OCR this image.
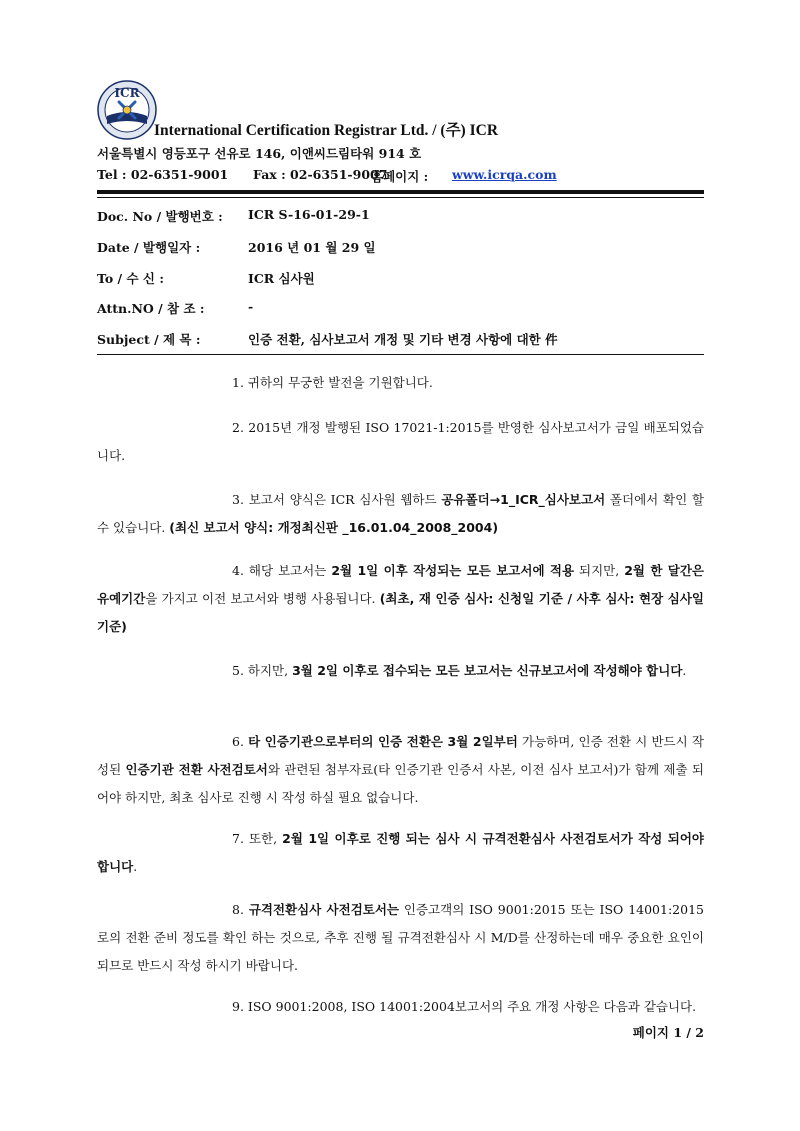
ICR
International Certification Registrar Ltd. / (주) ICR
서울특별시 영등포구 선유로 146, 이앤씨드림타워 914 호
Tel : 02-6351-9001 Fax : 02-6351-9007
홈페이지 : www.icrqa.com
Doc. No / 발행번호 : ICR S-16-01-29-1
Date / 발행일자 :	2016 년 01 월 29 일
To / 수 신 :	ICR 심사원
Attn.NO / 참 조 :	-
Subject / 제 목 :	인증 전환, 심사보고서 개정 및 기타 변경 사항에 대한 件
1. 귀하의 무궁한 발전을 기원합니다.
2. 2015년 개정 발행된 ISO 17021-1:2015를 반영한 심사보고서가 금일 배포되었습니다.
3. 보고서 양식은 ICR 심사원 웹하드 공유폴더→1_ICR_심사보고서 폴더에서 확인 할 수 있습니다. (최신 보고서 양식: 개정최신판 _16.01.04_2008_2004)
4. 해당 보고서는 2월 1일 이후 작성되는 모든 보고서에 적용 되지만, 2월 한 달간은 유예기간을 가지고 이전 보고서와 병행 사용됩니다. (최초, 재 인증 심사: 신청일 기준 / 사후 심사: 현장 심사일 기준)
5. 하지만, 3월 2일 이후로 접수되는 모든 보고서는 신규보고서에 작성해야 합니다.
6. 타 인증기관으로부터의 인증 전환은 3월 2일부터 가능하며, 인증 전환 시 반드시 작성된 인증기관 전환 사전검토서와 관련된 첨부자료(타 인증기관 인증서 사본, 이전 심사 보고서)가 함께 제출 되어야 하지만, 최초 심사로 진행 시 작성 하실 필요 없습니다.
7. 또한, 2월 1일 이후로 진행 되는 심사 시 규격전환심사 사전검토서가 작성 되어야 합니다.
8. 규격전환심사 사전검토서는 인증고객의 ISO 9001:2015 또는 ISO 14001:2015 로의 전환 준비 정도를 확인 하는 것으로, 추후 진행 될 규격전환심사 시 M/D를 산정하는데 매우 중요한 요인이 되므로 반드시 작성 하시기 바랍니다.
9. ISO 9001:2008, ISO 14001:2004보고서의 주요 개정 사항은 다음과 같습니다.
페이지 1 / 2
